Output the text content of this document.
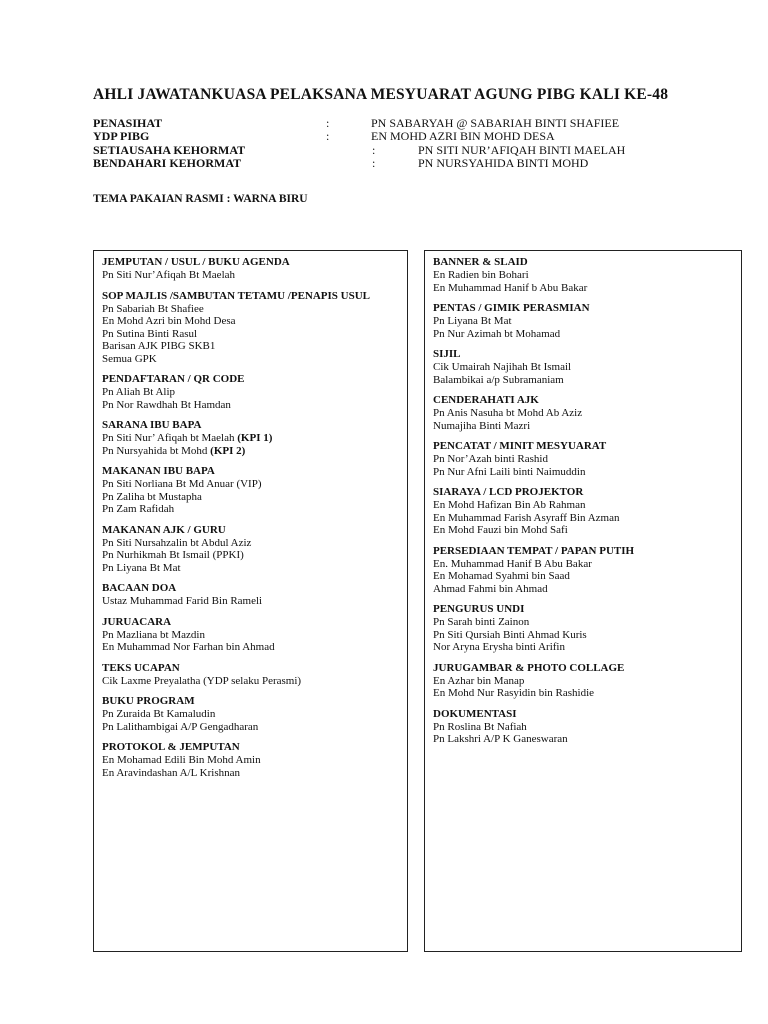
AHLI JAWATANKUASA PELAKSANA MESYUARAT AGUNG PIBG KALI KE-48
PENASIHAT	:	PN SABARYAH @ SABARIAH BINTI SHAFIEE
YDP PIBG	:	EN MOHD AZRI BIN MOHD DESA
SETIAUSAHA KEHORMAT	:	PN SITI NUR’AFIQAH BINTI MAELAH
BENDAHARI KEHORMAT	:	PN NURSYAHIDA BINTI MOHD
TEMA PAKAIAN RASMI : WARNA BIRU
JEMPUTAN / USUL / BUKU AGENDA
Pn Siti Nur’Afiqah Bt Maelah
SOP MAJLIS /SAMBUTAN TETAMU /PENAPIS USUL
Pn Sabariah Bt Shafiee
En Mohd Azri bin Mohd Desa
Pn Sutina Binti Rasul
Barisan AJK PIBG SKB1
Semua GPK
PENDAFTARAN / QR CODE
Pn Aliah Bt Alip
Pn Nor Rawdhah Bt Hamdan
SARANA IBU BAPA
Pn Siti Nur’ Afiqah bt Maelah (KPI 1)
Pn Nursyahida bt Mohd (KPI 2)
MAKANAN IBU BAPA
Pn Siti Norliana Bt Md Anuar (VIP)
Pn Zaliha bt Mustapha
Pn Zam Rafidah
MAKANAN AJK / GURU
Pn Siti Nursahzalin bt Abdul Aziz
Pn Nurhikmah Bt Ismail (PPKI)
Pn Liyana Bt Mat
BACAAN DOA
Ustaz Muhammad Farid Bin Rameli
JURUACARA
Pn Mazliana bt Mazdin
En Muhammad Nor Farhan bin Ahmad
TEKS UCAPAN
Cik Laxme Preyalatha (YDP selaku Perasmi)
BUKU PROGRAM
Pn Zuraida Bt Kamaludin
Pn Lalithambigai A/P Gengadharan
PROTOKOL & JEMPUTAN
En Mohamad Edili Bin Mohd Amin
En Aravindashan A/L Krishnan
BANNER & SLAID
En Radien bin Bohari
En Muhammad Hanif b Abu Bakar
PENTAS / GIMIK PERASMIAN
Pn Liyana Bt Mat
Pn Nur Azimah bt Mohamad
SIJIL
Cik Umairah Najihah Bt Ismail
Balambikai a/p Subramaniam
CENDERAHATI AJK
Pn Anis Nasuha bt Mohd Ab Aziz
Numajiha Binti Mazri
PENCATAT / MINIT MESYUARAT
Pn Nor’Azah binti Rashid
Pn Nur Afni Laili binti Naimuddin
SIARAYA / LCD PROJEKTOR
En Mohd Hafizan Bin Ab Rahman
En Muhammad Farish Asyraff Bin Azman
En Mohd Fauzi bin Mohd Safi
PERSEDIAAN TEMPAT / PAPAN PUTIH
En. Muhammad Hanif B Abu Bakar
En Mohamad Syahmi bin Saad
Ahmad Fahmi bin Ahmad
PENGURUS UNDI
Pn Sarah binti Zainon
Pn Siti Qursiah Binti Ahmad Kuris
Nor Aryna Erysha binti Arifin
JURUGAMBAR & PHOTO COLLAGE
En Azhar bin Manap
En Mohd Nur Rasyidin bin Rashidie
DOKUMENTASI
Pn Roslina Bt Nafiah
Pn Lakshri A/P K Ganeswaran
